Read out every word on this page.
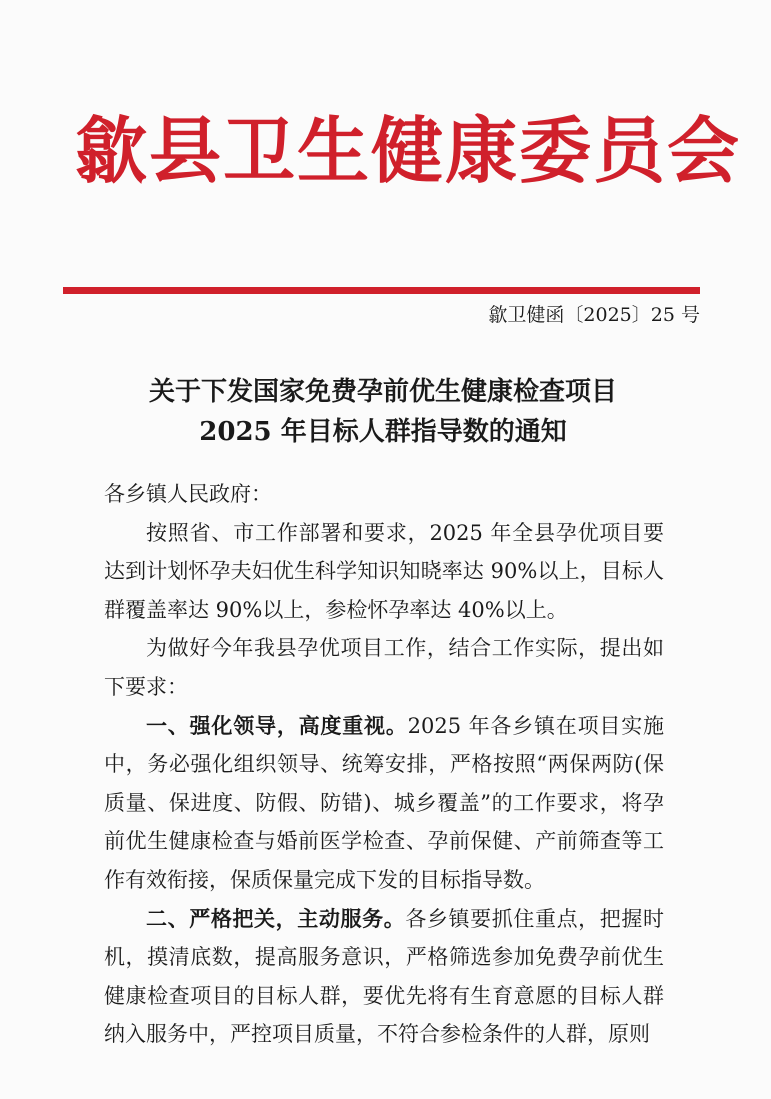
歙县卫生健康委员会
歙卫健函〔2025〕25 号
关于下发国家免费孕前优生健康检查项目
2025 年目标人群指导数的通知

各乡镇人民政府：

按照省、市工作部署和要求，2025 年全县孕优项目要达到计划怀孕夫妇优生科学知识知晓率达 90%以上，目标人群覆盖率达 90%以上，参检怀孕率达 40%以上。

为做好今年我县孕优项目工作，结合工作实际，提出如下要求：

一、强化领导，高度重视。2025 年各乡镇在项目实施中，务必强化组织领导、统筹安排，严格按照“两保两防(保质量、保进度、防假、防错)、城乡覆盖”的工作要求，将孕前优生健康检查与婚前医学检查、孕前保健、产前筛查等工作有效衔接，保质保量完成下发的目标指导数。

二、严格把关，主动服务。各乡镇要抓住重点，把握时机，摸清底数，提高服务意识，严格筛选参加免费孕前优生健康检查项目的目标人群，要优先将有生育意愿的目标人群纳入服务中，严控项目质量，不符合参检条件的人群，原则
